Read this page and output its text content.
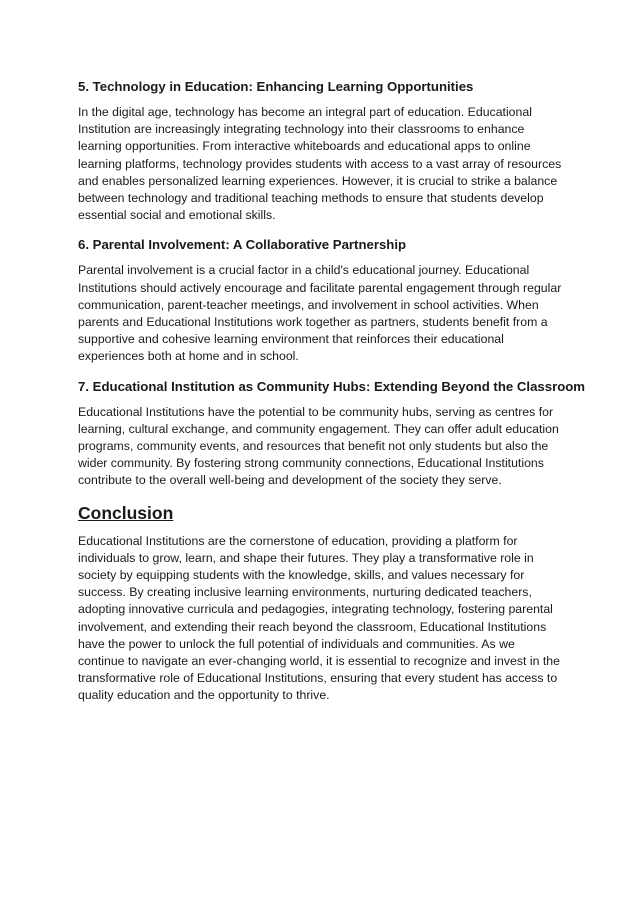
5. Technology in Education: Enhancing Learning Opportunities

In the digital age, technology has become an integral part of education. Educational Institution are increasingly integrating technology into their classrooms to enhance learning opportunities. From interactive whiteboards and educational apps to online learning platforms, technology provides students with access to a vast array of resources and enables personalized learning experiences. However, it is crucial to strike a balance between technology and traditional teaching methods to ensure that students develop essential social and emotional skills.

6. Parental Involvement: A Collaborative Partnership

Parental involvement is a crucial factor in a child's educational journey. Educational Institutions should actively encourage and facilitate parental engagement through regular communication, parent-teacher meetings, and involvement in school activities. When parents and Educational Institutions work together as partners, students benefit from a supportive and cohesive learning environment that reinforces their educational experiences both at home and in school.

7. Educational Institution as Community Hubs: Extending Beyond the Classroom

Educational Institutions have the potential to be community hubs, serving as centres for learning, cultural exchange, and community engagement. They can offer adult education programs, community events, and resources that benefit not only students but also the wider community. By fostering strong community connections, Educational Institutions contribute to the overall well-being and development of the society they serve.

Conclusion

Educational Institutions are the cornerstone of education, providing a platform for individuals to grow, learn, and shape their futures. They play a transformative role in society by equipping students with the knowledge, skills, and values necessary for success. By creating inclusive learning environments, nurturing dedicated teachers, adopting innovative curricula and pedagogies, integrating technology, fostering parental involvement, and extending their reach beyond the classroom, Educational Institutions have the power to unlock the full potential of individuals and communities. As we continue to navigate an ever-changing world, it is essential to recognize and invest in the transformative role of Educational Institutions, ensuring that every student has access to quality education and the opportunity to thrive.
